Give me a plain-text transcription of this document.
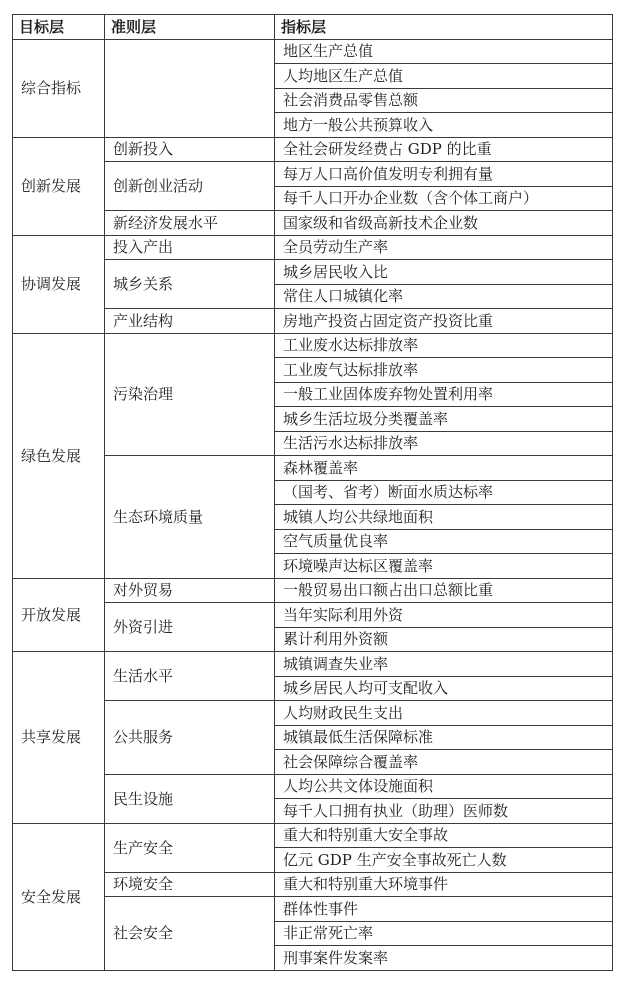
目标层	准则层	指标层
综合指标		地区生产总值
		人均地区生产总值
		社会消费品零售总额
		地方一般公共预算收入
创新发展	创新投入	全社会研发经费占 GDP 的比重
	创新创业活动	每万人口高价值发明专利拥有量
		每千人口开办企业数（含个体工商户）
	新经济发展水平	国家级和省级高新技术企业数
协调发展	投入产出	全员劳动生产率
	城乡关系	城乡居民收入比
		常住人口城镇化率
	产业结构	房地产投资占固定资产投资比重
绿色发展	污染治理	工业废水达标排放率
		工业废气达标排放率
		一般工业固体废弃物处置利用率
		城乡生活垃圾分类覆盖率
		生活污水达标排放率
	生态环境质量	森林覆盖率
		（国考、省考）断面水质达标率
		城镇人均公共绿地面积
		空气质量优良率
		环境噪声达标区覆盖率
开放发展	对外贸易	一般贸易出口额占出口总额比重
	外资引进	当年实际利用外资
		累计利用外资额
共享发展	生活水平	城镇调查失业率
		城乡居民人均可支配收入
	公共服务	人均财政民生支出
		城镇最低生活保障标准
		社会保障综合覆盖率
	民生设施	人均公共文体设施面积
		每千人口拥有执业（助理）医师数
安全发展	生产安全	重大和特别重大安全事故
		亿元 GDP 生产安全事故死亡人数
	环境安全	重大和特别重大环境事件
	社会安全	群体性事件
		非正常死亡率
		刑事案件发案率
